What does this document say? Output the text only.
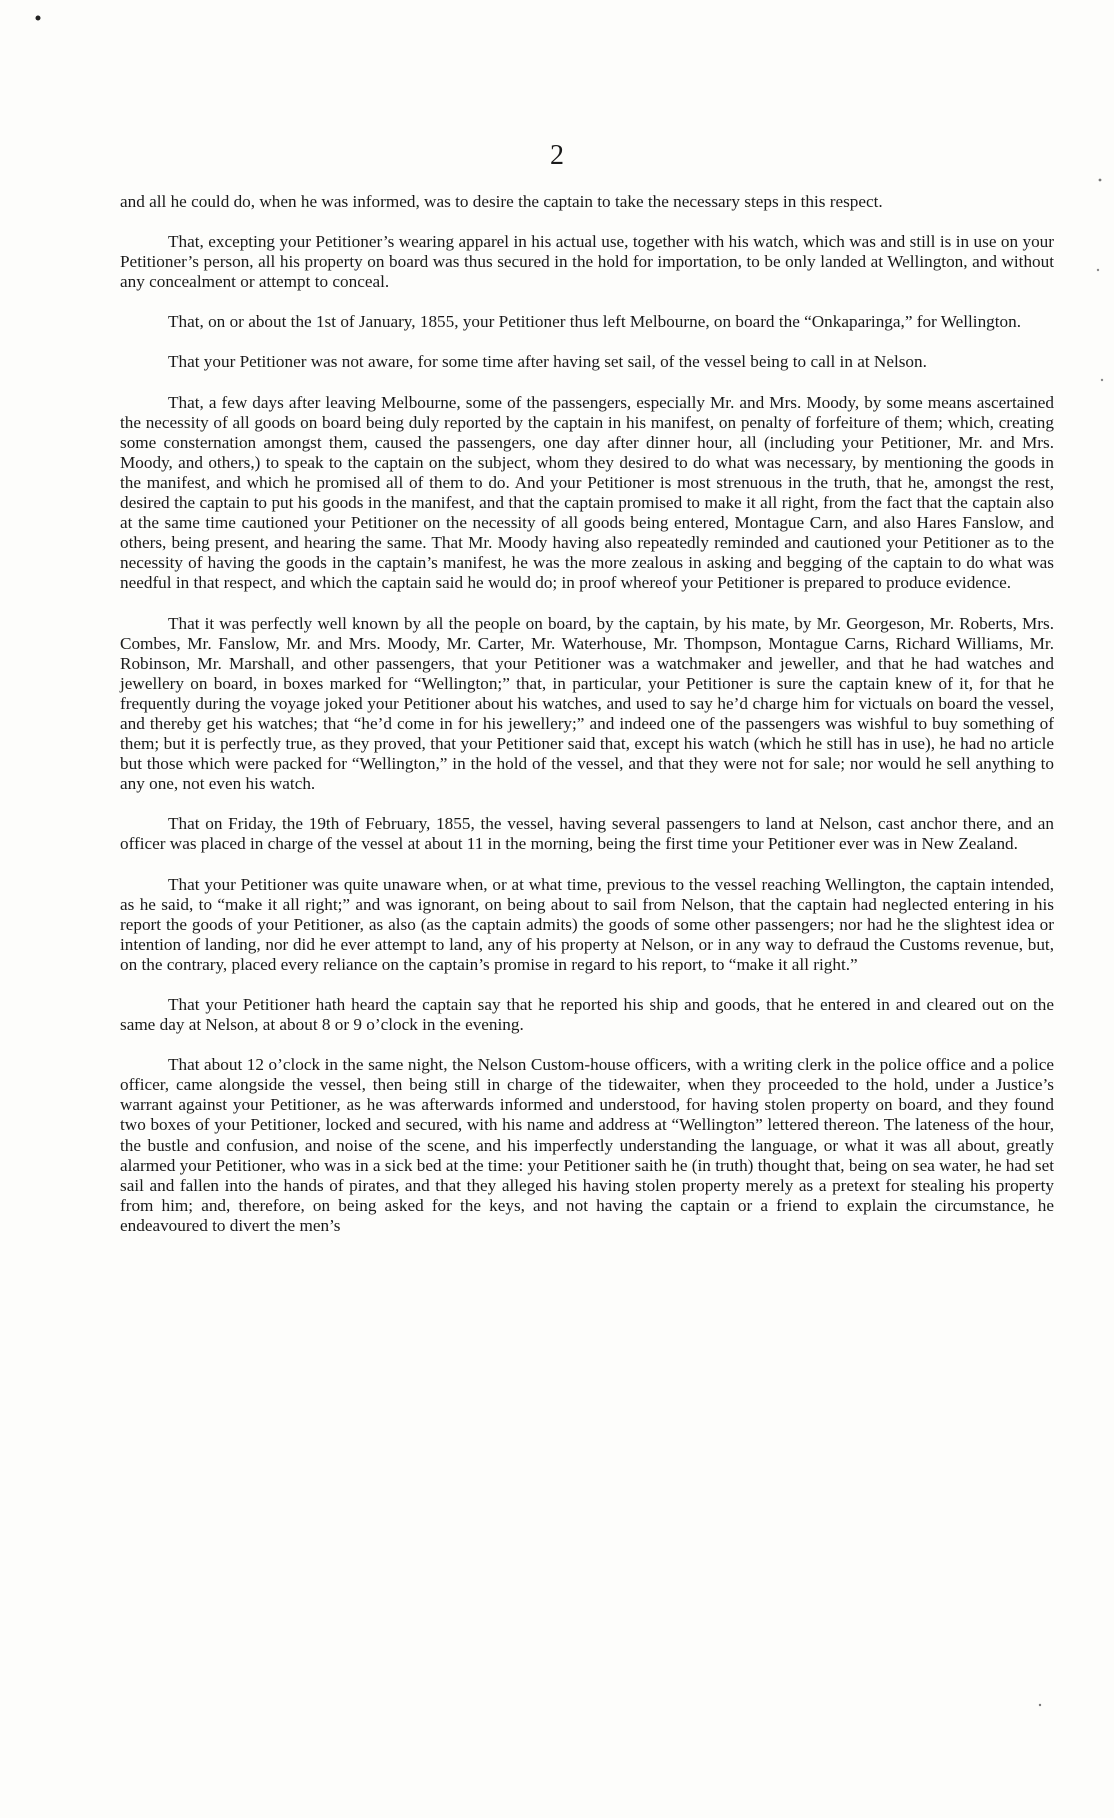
2

and all he could do, when he was informed, was to desire the captain to take the necessary steps in this respect.

That, excepting your Petitioner’s wearing apparel in his actual use, together with his watch, which was and still is in use on your Petitioner’s person, all his property on board was thus secured in the hold for importation, to be only landed at Wellington, and without any concealment or attempt to conceal.

That, on or about the 1st of January, 1855, your Petitioner thus left Melbourne, on board the “Onkaparinga,” for Wellington.

That your Petitioner was not aware, for some time after having set sail, of the vessel being to call in at Nelson.

That, a few days after leaving Melbourne, some of the passengers, especially Mr. and Mrs. Moody, by some means ascertained the necessity of all goods on board being duly reported by the captain in his manifest, on penalty of forfeiture of them; which, creating some consternation amongst them, caused the passengers, one day after dinner hour, all (including your Petitioner, Mr. and Mrs. Moody, and others,) to speak to the captain on the subject, whom they desired to do what was necessary, by mentioning the goods in the manifest, and which he promised all of them to do. And your Petitioner is most strenuous in the truth, that he, amongst the rest, desired the captain to put his goods in the manifest, and that the captain promised to make it all right, from the fact that the captain also at the same time cautioned your Petitioner on the necessity of all goods being entered, Montague Carn, and also Hares Fanslow, and others, being present, and hearing the same. That Mr. Moody having also repeatedly reminded and cautioned your Petitioner as to the necessity of having the goods in the captain’s manifest, he was the more zealous in asking and begging of the captain to do what was needful in that respect, and which the captain said he would do; in proof whereof your Petitioner is prepared to produce evidence.

That it was perfectly well known by all the people on board, by the captain, by his mate, by Mr. Georgeson, Mr. Roberts, Mrs. Combes, Mr. Fanslow, Mr. and Mrs. Moody, Mr. Carter, Mr. Waterhouse, Mr. Thompson, Montague Carns, Richard Williams, Mr. Robinson, Mr. Marshall, and other passengers, that your Petitioner was a watchmaker and jeweller, and that he had watches and jewellery on board, in boxes marked for “Wellington;” that, in particular, your Petitioner is sure the captain knew of it, for that he frequently during the voyage joked your Petitioner about his watches, and used to say he’d charge him for victuals on board the vessel, and thereby get his watches; that “he’d come in for his jewellery;” and indeed one of the passengers was wishful to buy something of them; but it is perfectly true, as they proved, that your Petitioner said that, except his watch (which he still has in use), he had no article but those which were packed for “Wellington,” in the hold of the vessel, and that they were not for sale; nor would he sell anything to any one, not even his watch.

That on Friday, the 19th of February, 1855, the vessel, having several passengers to land at Nelson, cast anchor there, and an officer was placed in charge of the vessel at about 11 in the morning, being the first time your Petitioner ever was in New Zealand.

That your Petitioner was quite unaware when, or at what time, previous to the vessel reaching Wellington, the captain intended, as he said, to “make it all right;” and was ignorant, on being about to sail from Nelson, that the captain had neglected entering in his report the goods of your Petitioner, as also (as the captain admits) the goods of some other passengers; nor had he the slightest idea or intention of landing, nor did he ever attempt to land, any of his property at Nelson, or in any way to defraud the Customs revenue, but, on the contrary, placed every reliance on the captain’s promise in regard to his report, to “make it all right.”

That your Petitioner hath heard the captain say that he reported his ship and goods, that he entered in and cleared out on the same day at Nelson, at about 8 or 9 o’clock in the evening.

That about 12 o’clock in the same night, the Nelson Custom-house officers, with a writing clerk in the police office and a police officer, came alongside the vessel, then being still in charge of the tidewaiter, when they proceeded to the hold, under a Justice’s warrant against your Petitioner, as he was afterwards informed and understood, for having stolen property on board, and they found two boxes of your Petitioner, locked and secured, with his name and address at “Wellington” lettered thereon. The lateness of the hour, the bustle and confusion, and noise of the scene, and his imperfectly understanding the language, or what it was all about, greatly alarmed your Petitioner, who was in a sick bed at the time: your Petitioner saith he (in truth) thought that, being on sea water, he had set sail and fallen into the hands of pirates, and that they alleged his having stolen property merely as a pretext for stealing his property from him; and, therefore, on being asked for the keys, and not having the captain or a friend to explain the circumstance, he endeavoured to divert the men’s
